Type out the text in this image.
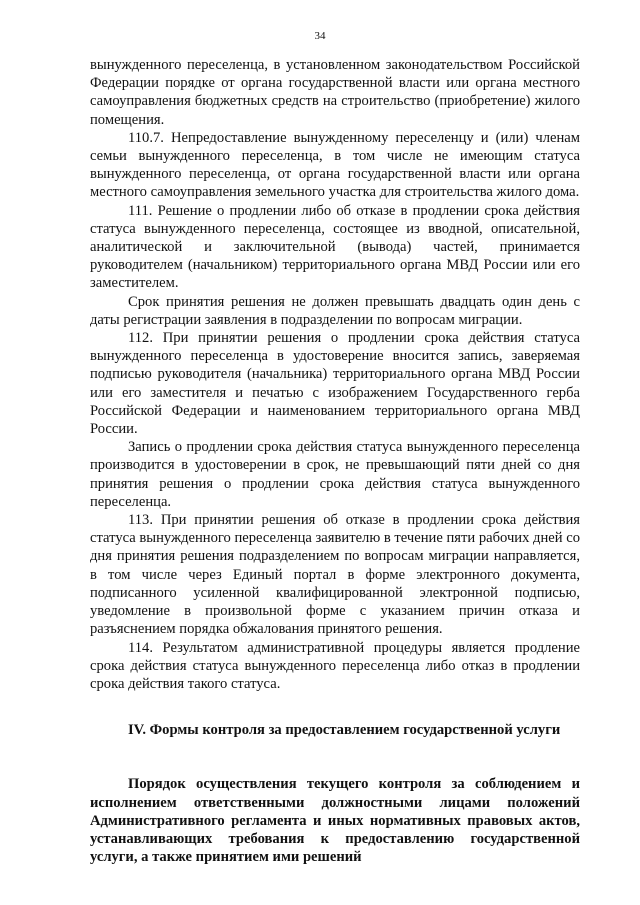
34

вынужденного переселенца, в установленном законодательством Российской Федерации порядке от органа государственной власти или органа местного самоуправления бюджетных средств на строительство (приобретение) жилого помещения.

110.7. Непредоставление вынужденному переселенцу и (или) членам семьи вынужденного переселенца, в том числе не имеющим статуса вынужденного переселенца, от органа государственной власти или органа местного самоуправления земельного участка для строительства жилого дома.

111. Решение о продлении либо об отказе в продлении срока действия статуса вынужденного переселенца, состоящее из вводной, описательной, аналитической и заключительной (вывода) частей, принимается руководителем (начальником) территориального органа МВД России или его заместителем.

Срок принятия решения не должен превышать двадцать один день с даты регистрации заявления в подразделении по вопросам миграции.

112. При принятии решения о продлении срока действия статуса вынужденного переселенца в удостоверение вносится запись, заверяемая подписью руководителя (начальника) территориального органа МВД России или его заместителя и печатью с изображением Государственного герба Российской Федерации и наименованием территориального органа МВД России.

Запись о продлении срока действия статуса вынужденного переселенца производится в удостоверении в срок, не превышающий пяти дней со дня принятия решения о продлении срока действия статуса вынужденного переселенца.

113. При принятии решения об отказе в продлении срока действия статуса вынужденного переселенца заявителю в течение пяти рабочих дней со дня принятия решения подразделением по вопросам миграции направляется, в том числе через Единый портал в форме электронного документа, подписанного усиленной квалифицированной электронной подписью, уведомление в произвольной форме с указанием причин отказа и разъяснением порядка обжалования принятого решения.

114. Результатом административной процедуры является продление срока действия статуса вынужденного переселенца либо отказ в продлении срока действия такого статуса.

IV. Формы контроля за предоставлением государственной услуги

Порядок осуществления текущего контроля за соблюдением и исполнением ответственными должностными лицами положений Административного регламента и иных нормативных правовых актов, устанавливающих требования к предоставлению государственной услуги, а также принятием ими решений
